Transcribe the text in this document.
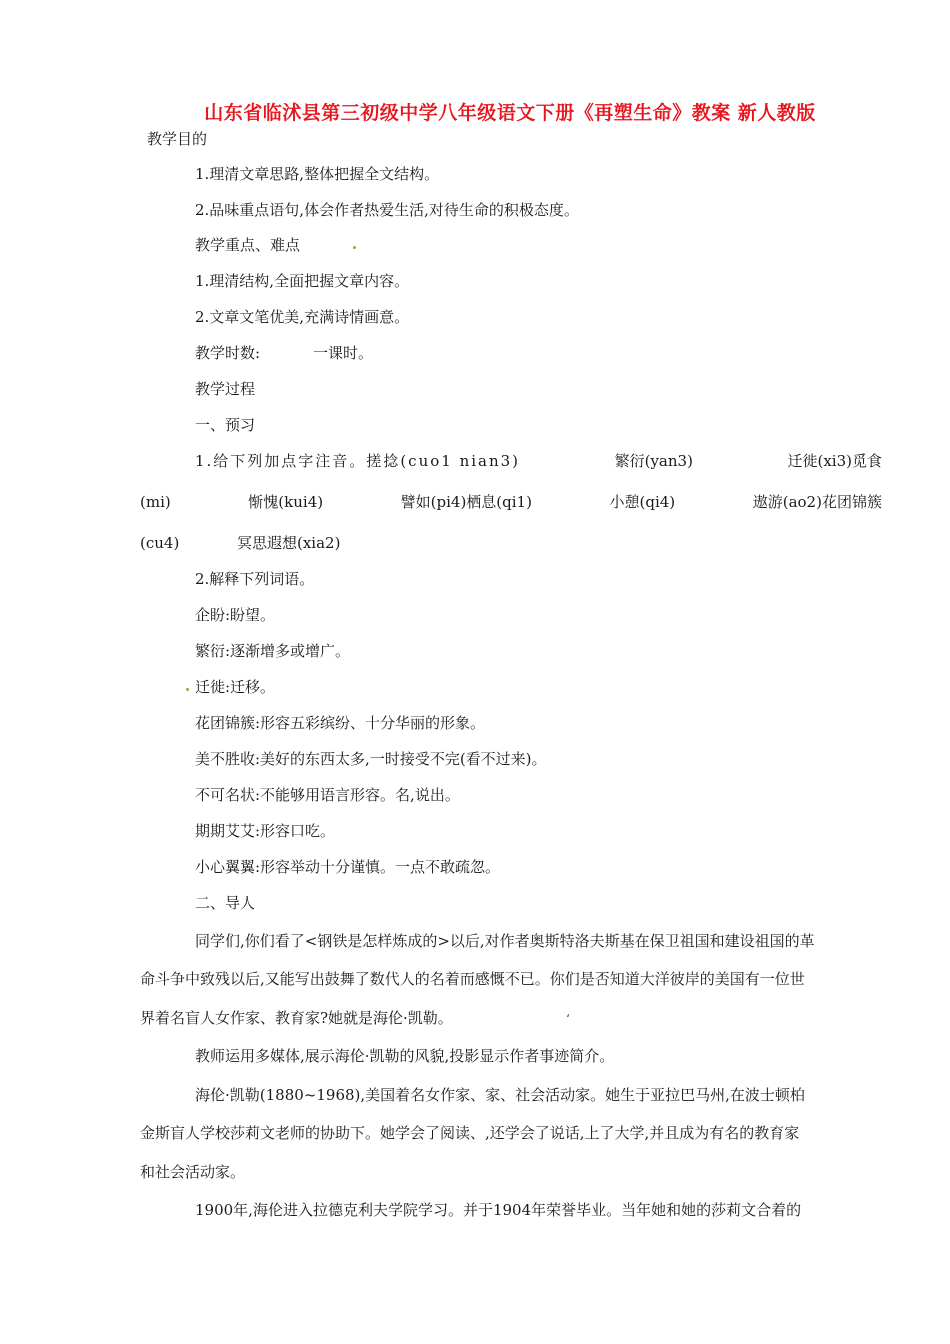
山东省临沭县第三初级中学八年级语文下册《再塑生命》教案 新人教版
教学目的
1.理清文章思路,整体把握全文结构。
2.品味重点语句,体会作者热爱生活,对待生命的积极态度。
教学重点、难点
1.理清结构,全面把握文章内容。
2.文章文笔优美,充满诗情画意。
教学时数:	一课时。
教学过程
一、预习
1.给下列加点字注音。搓捻(cuo1 nian3)	繁衍(yan3)	迁徙(xi3)觅食
(mi)	惭愧(kui4)	譬如(pi4)栖息(qi1)	小憩(qi4)	遨游(ao2)花团锦簇
(cu4)	冥思遐想(xia2)
2.解释下列词语。
企盼:盼望。
繁衍:逐渐增多或增广。
迁徙:迁移。
花团锦簇:形容五彩缤纷、十分华丽的形象。
美不胜收:美好的东西太多,一时接受不完(看不过来)。
不可名状:不能够用语言形容。名,说出。
期期艾艾:形容口吃。
小心翼翼:形容举动十分谨慎。一点不敢疏忽。
二、导人
同学们,你们看了<钢铁是怎样炼成的>以后,对作者奥斯特洛夫斯基在保卫祖国和建设祖国的革
命斗争中致残以后,又能写出鼓舞了数代人的名着而感慨不已。你们是否知道大洋彼岸的美国有一位世
界着名盲人女作家、教育家?她就是海伦·凯勒。	‘
教师运用多媒体,展示海伦·凯勒的风貌,投影显示作者事迹简介。
海伦·凯勒(1880~1968),美国着名女作家、家、社会活动家。她生于亚拉巴马州,在波士顿柏
金斯盲人学校莎莉文老师的协助下。她学会了阅读、,还学会了说话,上了大学,并且成为有名的教育家
和社会活动家。
1900年,海伦进入拉德克利夫学院学习。并于1904年荣誉毕业。当年她和她的莎莉文合着的
